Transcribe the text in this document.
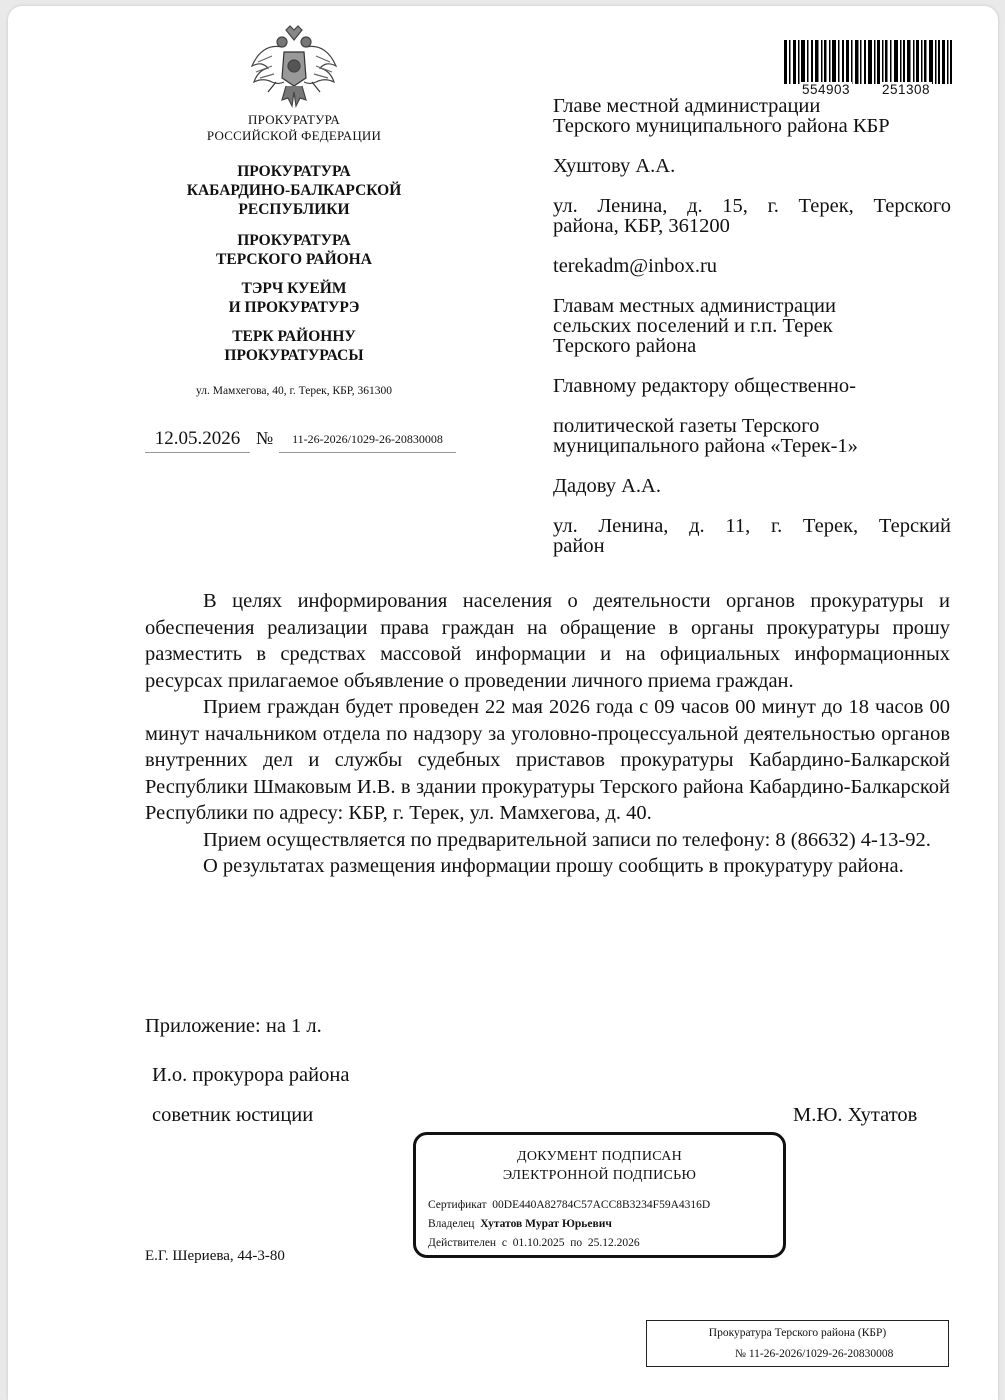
ПРОКУРАТУРА
РОССИЙСКОЙ ФЕДЕРАЦИИ
ПРОКУРАТУРА
КАБАРДИНО-БАЛКАРСКОЙ
РЕСПУБЛИКИ
ПРОКУРАТУРА
ТЕРСКОГО РАЙОНА
ТЭРЧ КУЕЙМ
И ПРОКУРАТУРЭ
ТЕРК РАЙОННУ
ПРОКУРАТУРАСЫ
ул. Мамхегова, 40, г. Терек, КБР, 361300
12.05.2026 №	11-26-2026/1029-26-20830008
554903 251308
Главе местной администрации
Терского муниципального района КБР
Хуштову А.А.
ул. Ленина, д. 15, г. Терек, Терского
района, КБР, 361200
terekadm@inbox.ru
Главам местных администрации
сельских поселений и г.п. Терек
Терского района
Главному редактору общественно-
политической газеты Терского
муниципального района «Терек-1»
Дадову А.А.
ул. Ленина, д. 11, г. Терек, Терский
район

В целях информирования населения о деятельности органов прокуратуры и обеспечения реализации права граждан на обращение в органы прокуратуры прошу разместить в средствах массовой информации и на официальных информационных ресурсах прилагаемое объявление о проведении личного приема граждан.

Прием граждан будет проведен 22 мая 2026 года с 09 часов 00 минут до 18 часов 00 минут начальником отдела по надзору за уголовно-процессуальной деятельностью органов внутренних дел и службы судебных приставов прокуратуры Кабардино-Балкарской Республики Шмаковым И.В. в здании прокуратуры Терского района Кабардино-Балкарской Республики по адресу: КБР, г. Терек, ул. Мамхегова, д. 40.

Прием осуществляется по предварительной записи по телефону: 8 (86632) 4-13-92.

О результатах размещения информации прошу сообщить в прокуратуру района.

Приложение: на 1 л.
И.о. прокурора района
советник юстиции	М.Ю. Хутатов
ДОКУМЕНТ ПОДПИСАН
ЭЛЕКТРОННОЙ ПОДПИСЬЮ
Сертификат 00DE440A82784C57ACC8B3234F59A4316D
Владелец Хутатов Мурат Юрьевич
Действителен с 01.10.2025 по 25.12.2026
Е.Г. Шериева, 44-3-80
Прокуратура Терского района (КБР)
№ 11-26-2026/1029-26-20830008
